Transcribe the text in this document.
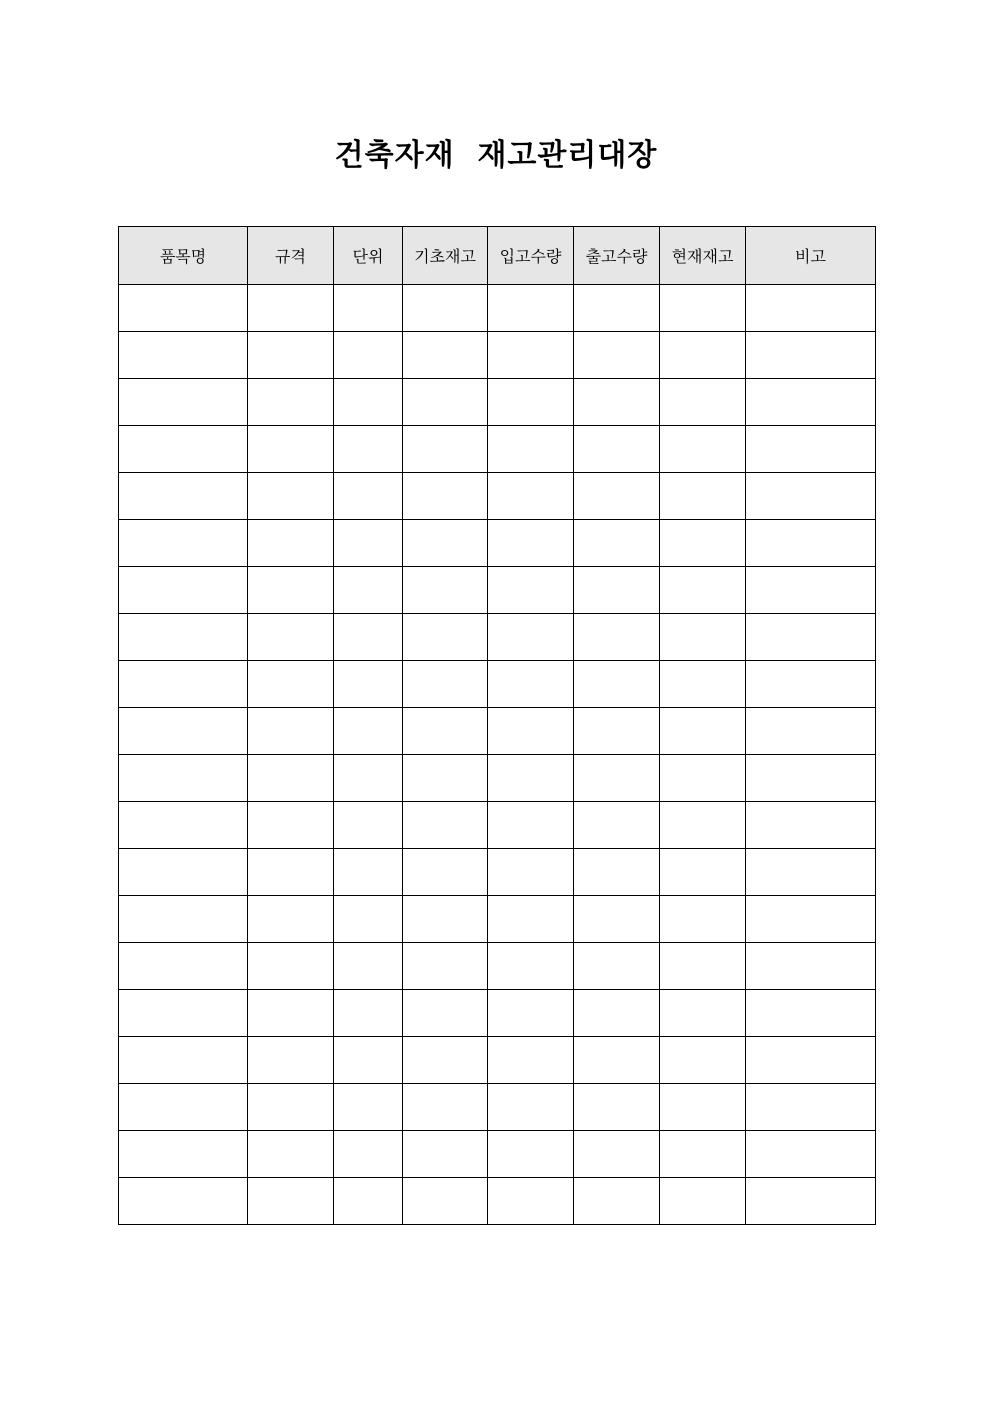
건축자재  재고관리대장
품목명	규격	단위	기초재고	입고수량	출고수량	현재재고	비고
